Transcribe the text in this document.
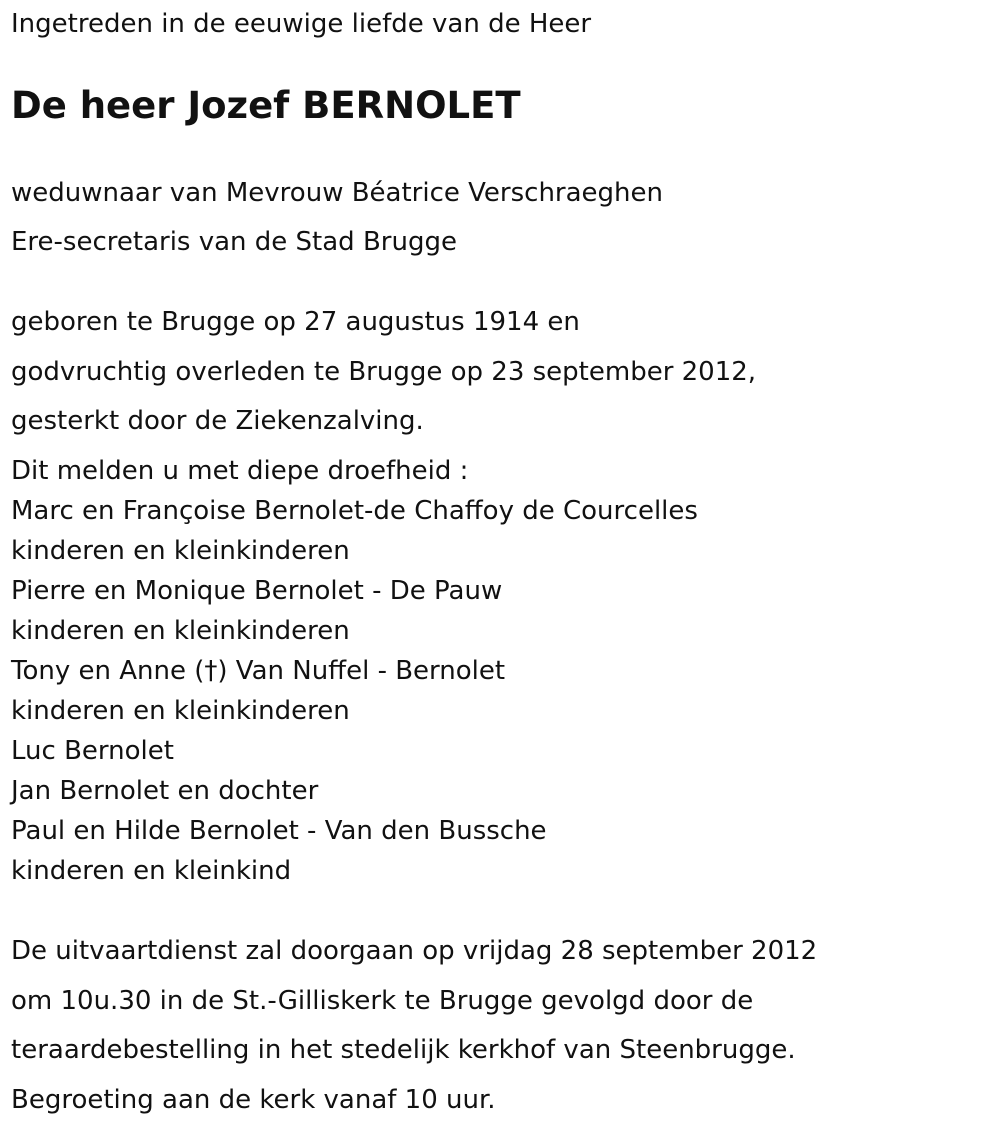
Ingetreden in de eeuwige liefde van de Heer

De heer Jozef BERNOLET

weduwnaar van Mevrouw Béatrice Verschraeghen

Ere-secretaris van de Stad Brugge

geboren te Brugge op 27 augustus 1914 en

godvruchtig overleden te Brugge op 23 september 2012,

gesterkt door de Ziekenzalving.

Dit melden u met diepe droefheid :

Marc en Françoise Bernolet-de Chaffoy de Courcelles

kinderen en kleinkinderen

Pierre en Monique Bernolet - De Pauw

kinderen en kleinkinderen

Tony en Anne (†) Van Nuffel - Bernolet

kinderen en kleinkinderen

Luc Bernolet

Jan Bernolet en dochter

Paul en Hilde Bernolet - Van den Bussche

kinderen en kleinkind

De uitvaartdienst zal doorgaan op vrijdag 28 september 2012

om 10u.30 in de St.-Gilliskerk te Brugge gevolgd door de

teraardebestelling in het stedelijk kerkhof van Steenbrugge.

Begroeting aan de kerk vanaf 10 uur.
